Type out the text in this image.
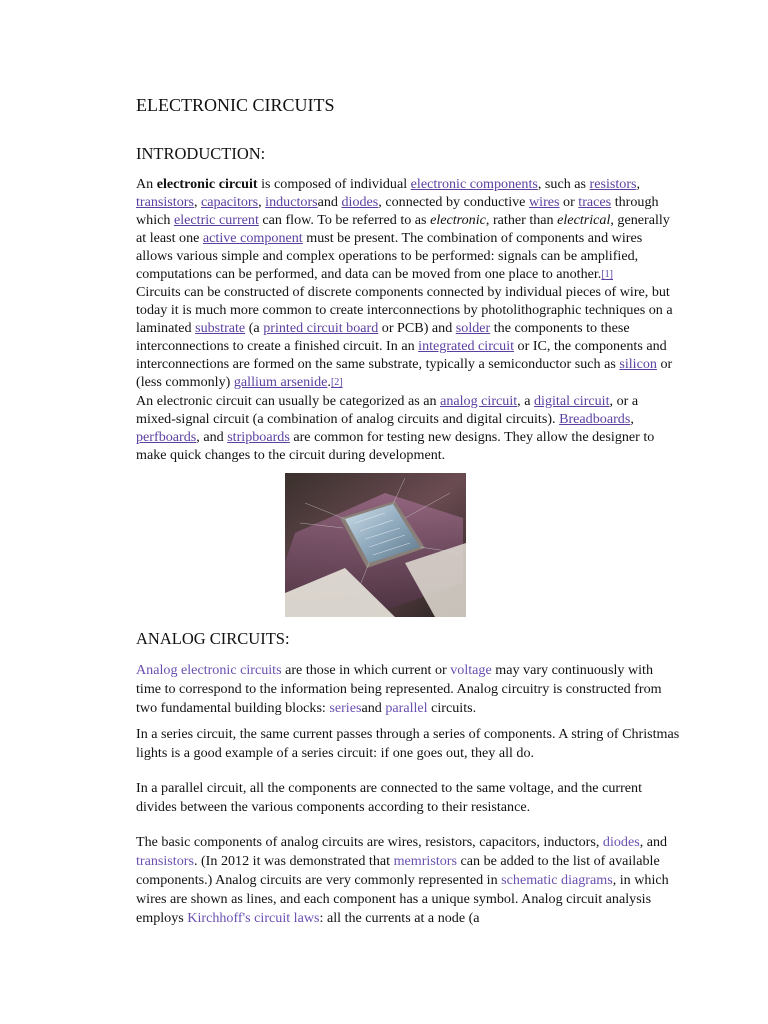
ELECTRONIC CIRCUITS
INTRODUCTION:

An electronic circuit is composed of individual electronic components, such as resistors, transistors, capacitors, inductorsand diodes, connected by conductive wires or traces through which electric current can flow. To be referred to as electronic, rather than electrical, generally at least one active component must be present. The combination of components and wires allows various simple and complex operations to be performed: signals can be amplified, computations can be performed, and data can be moved from one place to another.[1]

Circuits can be constructed of discrete components connected by individual pieces of wire, but today it is much more common to create interconnections by photolithographic techniques on a laminated substrate (a printed circuit board or PCB) and solder the components to these interconnections to create a finished circuit. In an integrated circuit or IC, the components and interconnections are formed on the same substrate, typically a semiconductor such as silicon or (less commonly) gallium arsenide.[2]

An electronic circuit can usually be categorized as an analog circuit, a digital circuit, or a mixed-signal circuit (a combination of analog circuits and digital circuits). Breadboards, perfboards, and stripboards are common for testing new designs. They allow the designer to make quick changes to the circuit during development.

ANALOG CIRCUITS:

Analog electronic circuits are those in which current or voltage may vary continuously with time to correspond to the information being represented. Analog circuitry is constructed from two fundamental building blocks: seriesand parallel circuits.

In a series circuit, the same current passes through a series of components. A string of Christmas lights is a good example of a series circuit: if one goes out, they all do.

In a parallel circuit, all the components are connected to the same voltage, and the current divides between the various components according to their resistance.

The basic components of analog circuits are wires, resistors, capacitors, inductors, diodes, and transistors. (In 2012 it was demonstrated that memristors can be added to the list of available components.) Analog circuits are very commonly represented in schematic diagrams, in which wires are shown as lines, and each component has a unique symbol. Analog circuit analysis employs Kirchhoff's circuit laws: all the currents at a node (a
